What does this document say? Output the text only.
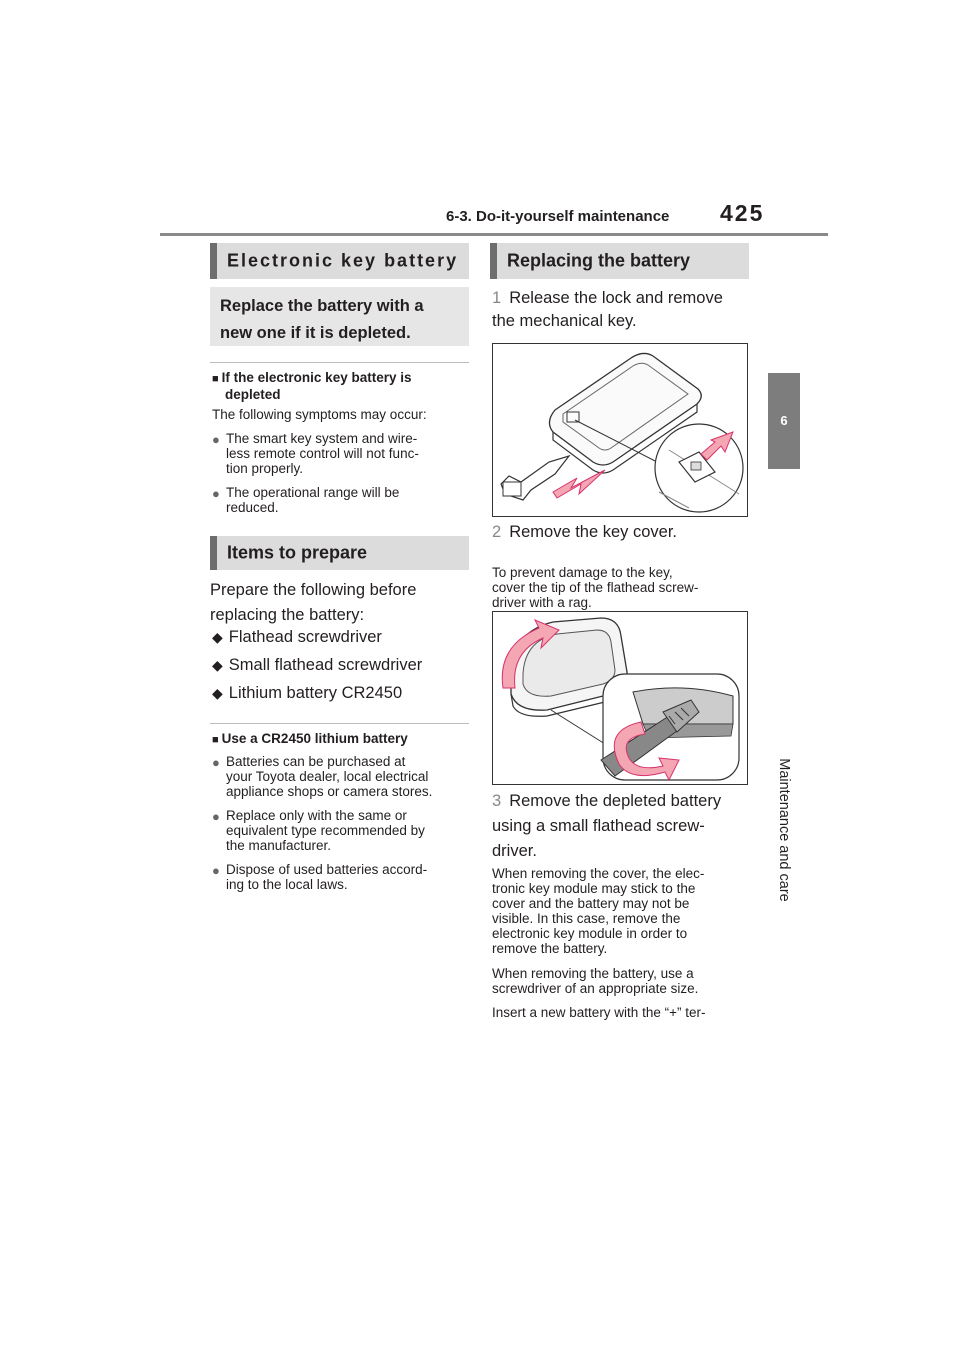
6-3. Do-it-yourself maintenance 425
6
Maintenance and care
Electronic key battery
Replace the battery with a
new one if it is depleted.
■ If the electronic key battery is
depleted
The following symptoms may occur:
● The smart key system and wire-
less remote control will not func-
tion properly.
● The operational range will be
reduced.
Items to prepare
Prepare the following before
replacing the battery:
◆ Flathead screwdriver
◆ Small flathead screwdriver
◆ Lithium battery CR2450
■ Use a CR2450 lithium battery
● Batteries can be purchased at
your Toyota dealer, local electrical
appliance shops or camera stores.
● Replace only with the same or
equivalent type recommended by
the manufacturer.
● Dispose of used batteries accord-
ing to the local laws.
Replacing the battery
1 Release the lock and remove
the mechanical key.
2 Remove the key cover.
To prevent damage to the key,
cover the tip of the flathead screw-
driver with a rag.
3 Remove the depleted battery
using a small flathead screw-
driver.
When removing the cover, the elec-
tronic key module may stick to the
cover and the battery may not be
visible. In this case, remove the
electronic key module in order to
remove the battery.
When removing the battery, use a
screwdriver of an appropriate size.
Insert a new battery with the “+” ter-
